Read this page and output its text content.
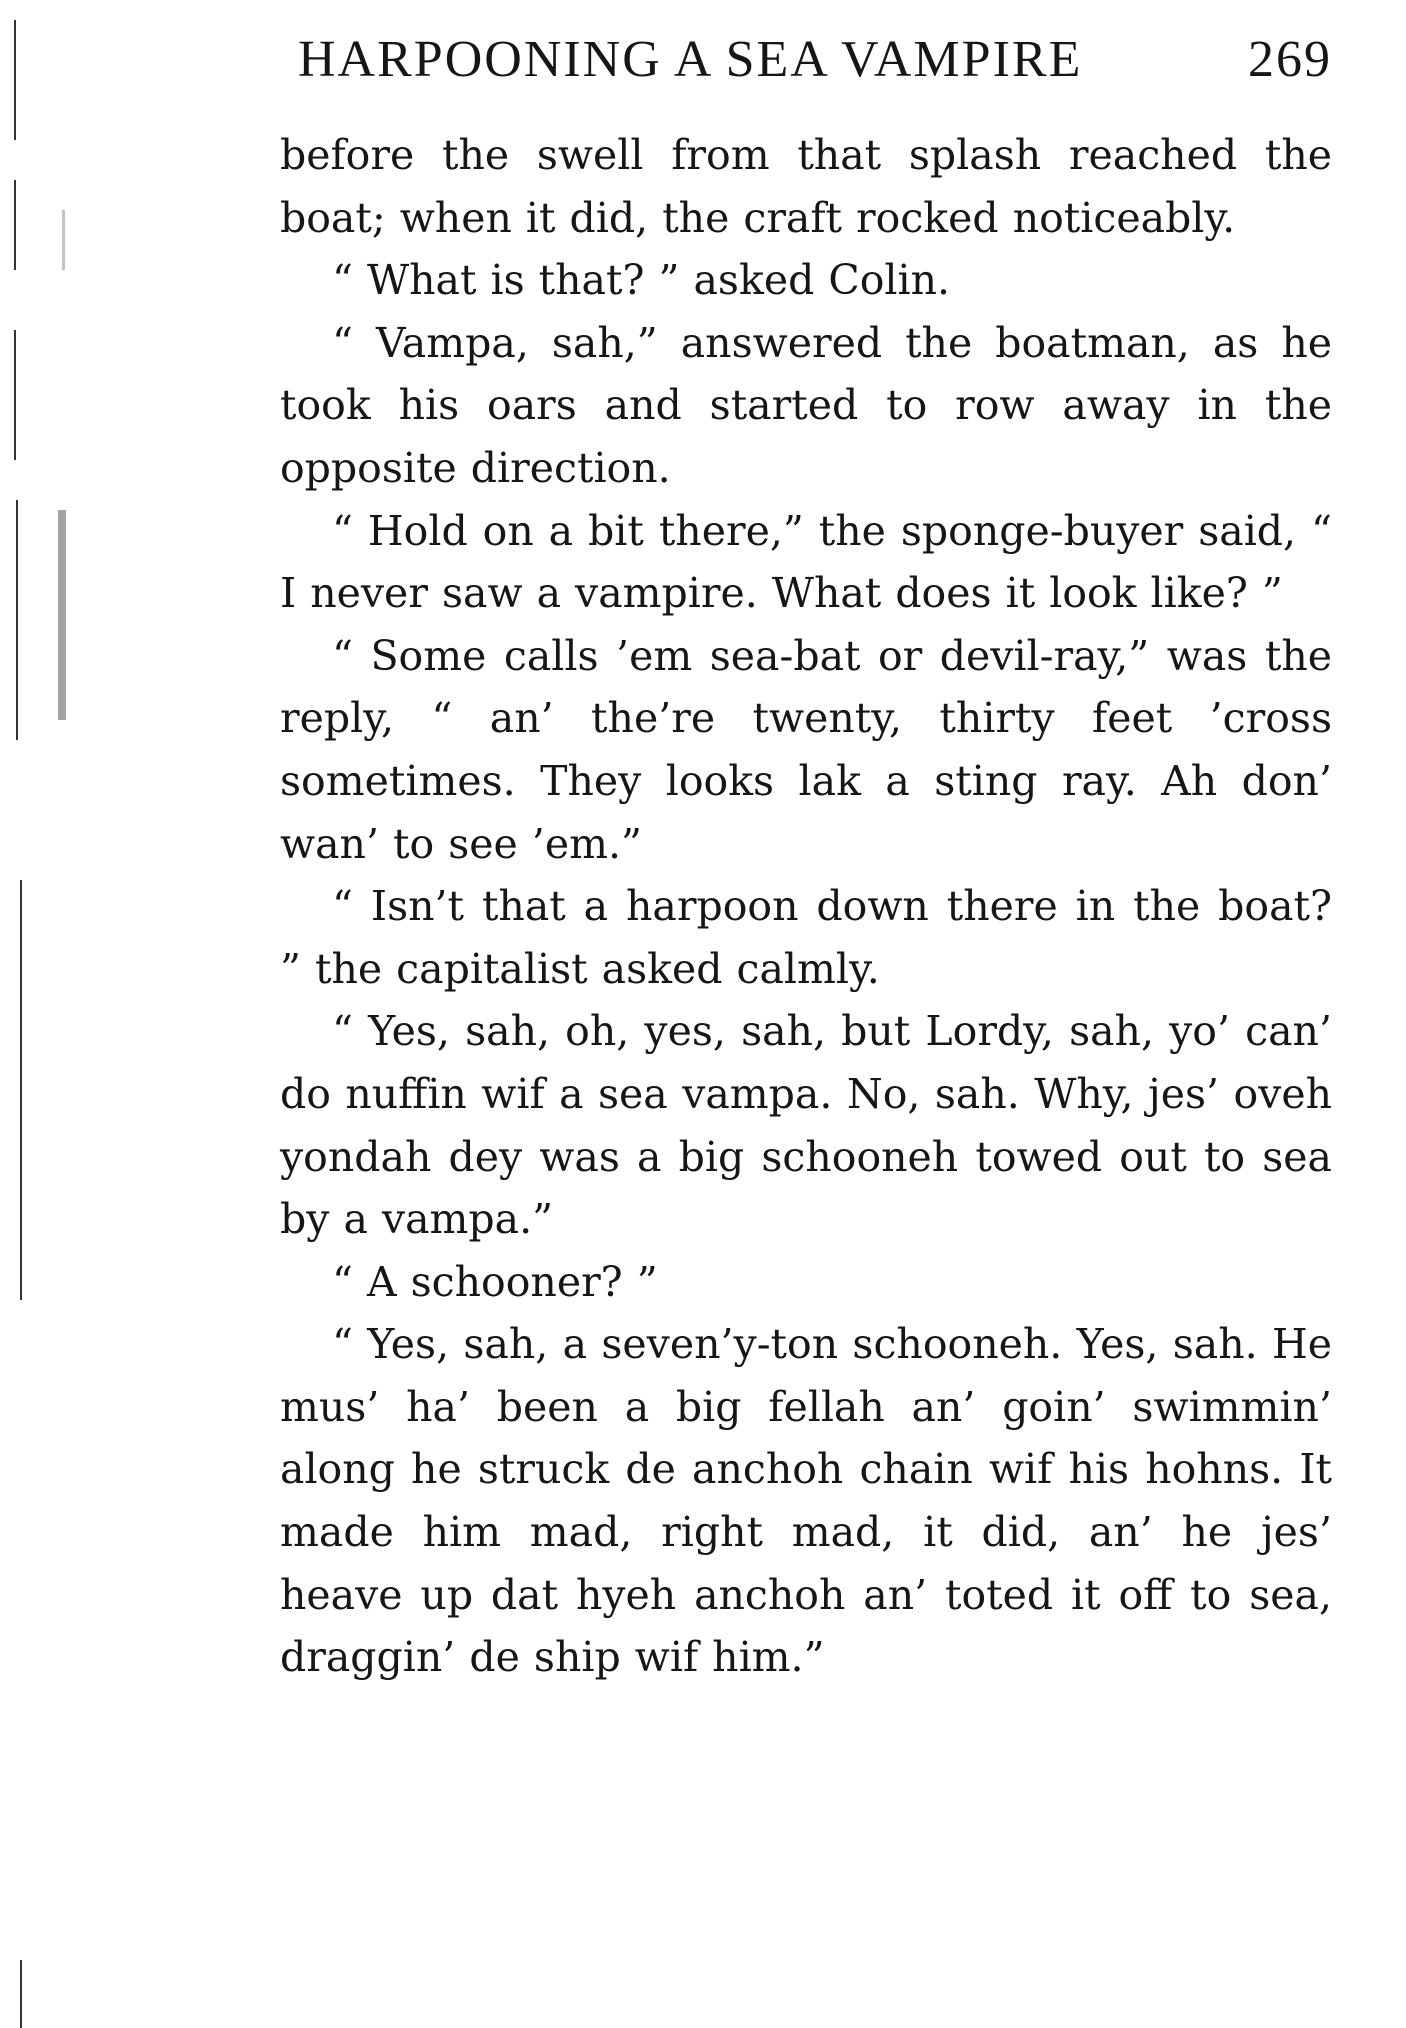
HARPOONING A SEA VAMPIRE	269

before the swell from that splash reached the boat; when it did, the craft rocked noticeably.

“ What is that? ” asked Colin.

“ Vampa, sah,” answered the boatman, as he took his oars and started to row away in the opposite direction.

“ Hold on a bit there,” the sponge-buyer said, “ I never saw a vampire. What does it look like? ”

“ Some calls ’em sea-bat or devil-ray,” was the reply, “ an’ the’re twenty, thirty feet ’cross sometimes. They looks lak a sting ray. Ah don’ wan’ to see ’em.”

“ Isn’t that a harpoon down there in the boat? ” the capitalist asked calmly.

“ Yes, sah, oh, yes, sah, but Lordy, sah, yo’ can’ do nuffin wif a sea vampa. No, sah. Why, jes’ oveh yondah dey was a big schooneh towed out to sea by a vampa.”

“ A schooner? ”

“ Yes, sah, a seven’y-ton schooneh. Yes, sah. He mus’ ha’ been a big fellah an’ goin’ swimmin’ along he struck de anchoh chain wif his hohns. It made him mad, right mad, it did, an’ he jes’ heave up dat hyeh anchoh an’ toted it off to sea, draggin’ de ship wif him.”
